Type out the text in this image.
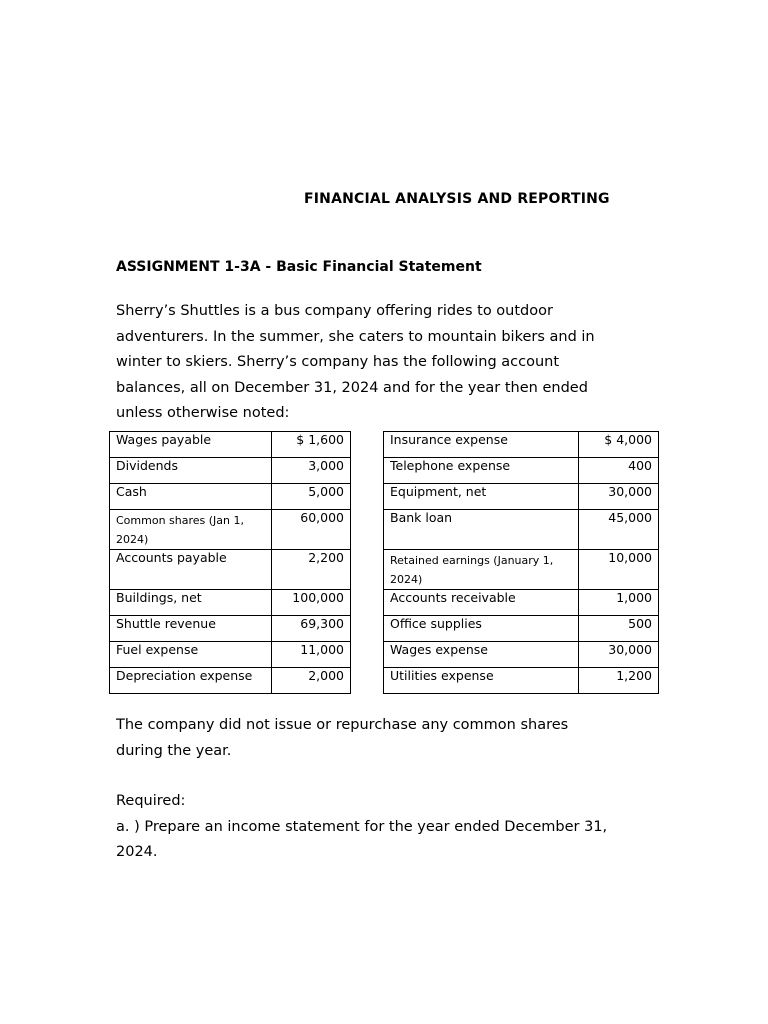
FINANCIAL ANALYSIS AND REPORTING
ASSIGNMENT 1-3A - Basic Financial Statement

Sherry’s Shuttles is a bus company offering rides to outdoor

adventurers. In the summer, she caters to mountain bikers and in

winter to skiers. Sherry’s company has the following account

balances, all on December 31, 2024 and for the year then ended

unless otherwise noted:

Wages payable	$ 1,600
Dividends	3,000
Cash	5,000

Common shares (Jan 1, 2024)	60,000
Accounts payable	2,200
Buildings, net	100,000
Shuttle revenue	69,300
Fuel expense	11,000
Depreciation expense	2,000
Insurance expense	$ 4,000
Telephone expense	400
Equipment, net	30,000
Bank loan	45,000

Retained earnings (January 1, 2024)	10,000
Accounts receivable	1,000
Office supplies	500
Wages expense	30,000
Utilities expense	1,200

The company did not issue or repurchase any common shares

during the year.

Required:

a. ) Prepare an income statement for the year ended December 31,

2024.
